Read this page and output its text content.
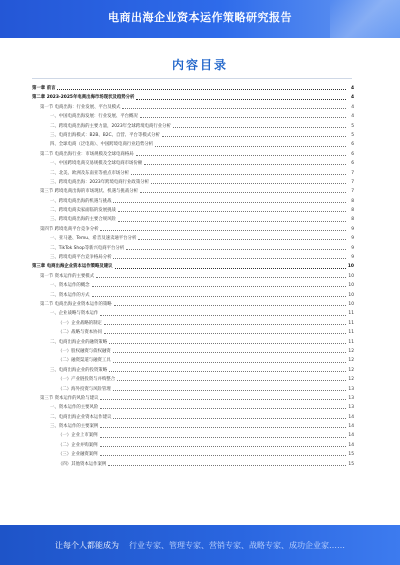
电商出海企业资本运作策略研究报告
内容目录
第一章 前言	4
第二章 2023-2025年电商出海市场现状及趋势分析	4
第一节 电商出海：行业发展、平台及模式	4
一、中国电商出海发展：行业发展、平台概况	4
二、跨境电商出海的主要力量，2023年全球跨境电商行业分析	5
三、电商出海模式：B2B、B2C、自营、平台等模式分析	5
四、全球电商（泛电商）、中国跨境电商行业趋势分析	6
第二节 电商出海行业：市场规模及全球电商格局	6
一、中国跨境电商交易规模及全球电商市场份额	6
二、北美、欧洲及东南亚等重点市场分析	7
三、跨境电商出海：2023年跨境电商行业政策分析	7
第三节 跨境电商出海的市场现状、机遇与挑战分析	7
一、跨境电商出海的机遇与挑战	8
二、跨境电商卖家面临的发展挑战	8
三、跨境电商出海的主要合规风险	8
第四节 跨境电商平台竞争分析	9
一、亚马逊、Temu、希音及速卖通平台分析	9
二、TikTok Shop等新兴电商平台分析	9
三、跨境电商平台竞争格局分析	9
第三章 电商出海企业资本运作策略及建议	10
第一节 资本运作的主要模式	10
一、资本运作的概念	10
二、资本运作的方式	10
第二节 电商出海企业资本运作的策略	10
一、企业战略与资本运作	11
（一）企业战略的制定	11
（二）战略与资本协同	11
二、电商出海企业的融资策略	11
（一）股权融资与债权融资	12
（二）融资渠道与融资工具	12
三、电商出海企业的投资策略	12
（一）产业链投资与并购整合	12
（二）海外投资与风险管理	13
第三节 资本运作的风险与建议	13
一、资本运作的主要风险	13
二、电商出海企业资本运作建议	14
三、资本运作的主要案例	14
（一）企业上市案例	14
（二）企业并购案例	14
（三）企业融资案例	15
（四）其他资本运作案例	15
让每个人都能成为 行业专家、管理专家、营销专家、战略专家、成功企业家……
